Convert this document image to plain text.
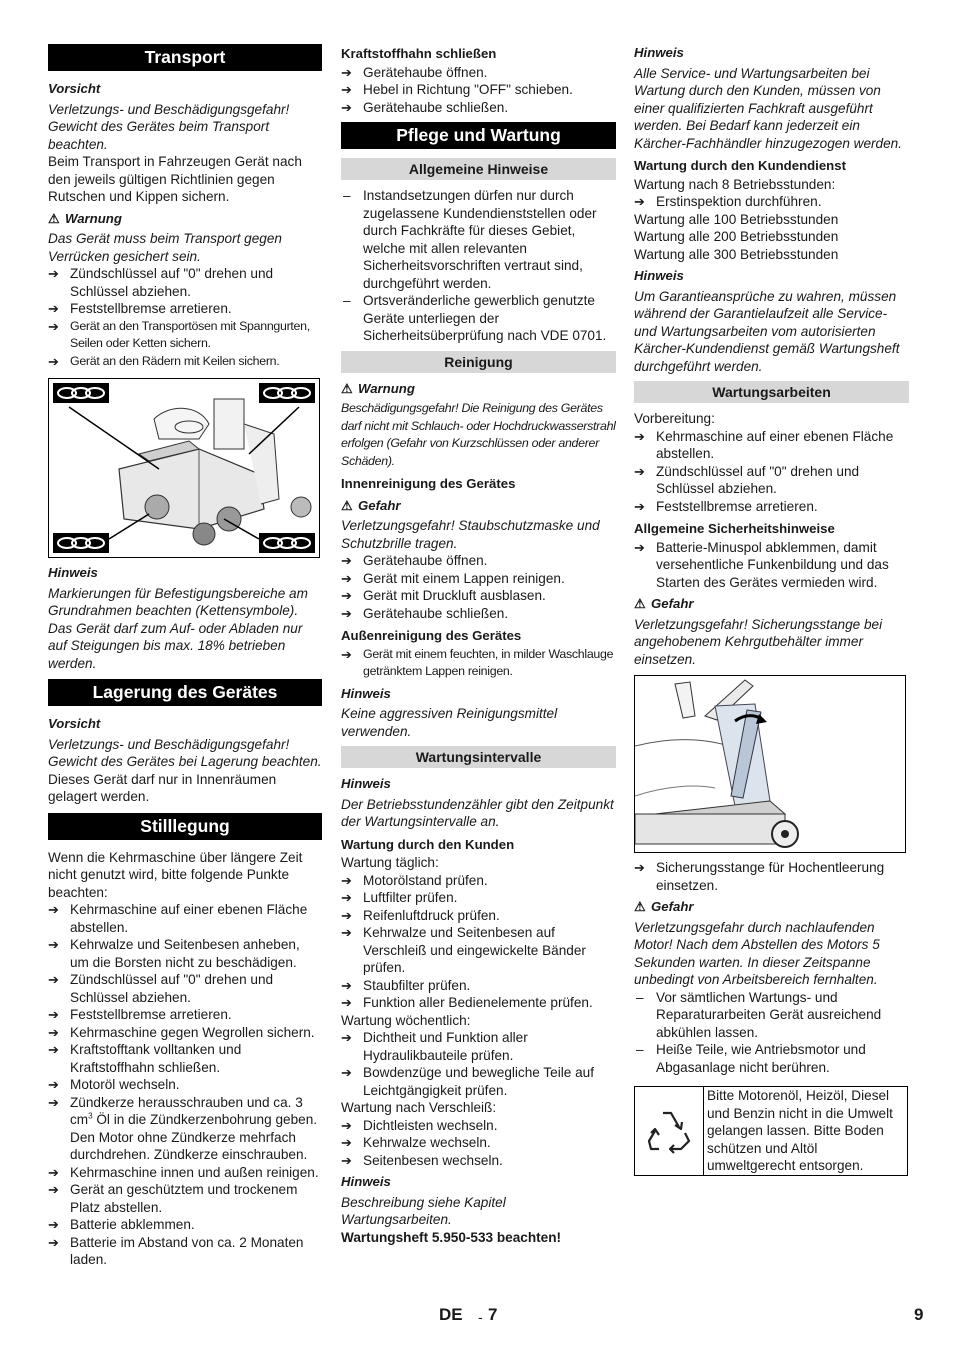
Transport

Vorsicht

Verletzungs- und Beschädigungsgefahr! Gewicht des Gerätes beim Transport beachten.

Beim Transport in Fahrzeugen Gerät nach den jeweils gültigen Richtlinien gegen Rutschen und Kippen sichern.

⚠ Warnung

Das Gerät muss beim Transport gegen Verrücken gesichert sein.

➔ Zündschlüssel auf "0" drehen und Schlüssel abziehen.
➔ Feststellbremse arretieren.
➔ Gerät an den Transportösen mit Spanngurten, Seilen oder Ketten sichern.
➔ Gerät an den Rädern mit Keilen sichern.

Hinweis

Markierungen für Befestigungsbereiche am Grundrahmen beachten (Kettensymbole). Das Gerät darf zum Auf- oder Abladen nur auf Steigungen bis max. 18% betrieben werden.

Lagerung des Gerätes

Vorsicht

Verletzungs- und Beschädigungsgefahr! Gewicht des Gerätes bei Lagerung beachten.

Dieses Gerät darf nur in Innenräumen gelagert werden.

Stilllegung

Wenn die Kehrmaschine über längere Zeit nicht genutzt wird, bitte folgende Punkte beachten:

➔ Kehrmaschine auf einer ebenen Fläche abstellen.
➔ Kehrwalze und Seitenbesen anheben, um die Borsten nicht zu beschädigen.
➔ Zündschlüssel auf "0" drehen und Schlüssel abziehen.
➔ Feststellbremse arretieren.
➔ Kehrmaschine gegen Wegrollen sichern.
➔ Kraftstofftank volltanken und Kraftstoffhahn schließen.
➔ Motoröl wechseln.
➔ Zündkerze herausschrauben und ca. 3 $cm^3$ Öl in die Zündkerzenbohrung geben. Den Motor ohne Zündkerze mehrfach durchdrehen. Zündkerze einschrauben.
➔ Kehrmaschine innen und außen reinigen.
➔ Gerät an geschütztem und trockenem Platz abstellen.
➔ Batterie abklemmen.
➔ Batterie im Abstand von ca. 2 Monaten laden.

Kraftstoffhahn schließen

➔ Gerätehaube öffnen.
➔ Hebel in Richtung "OFF" schieben.
➔ Gerätehaube schließen.
Pflege und Wartung
Allgemeine Hinweise
– Instandsetzungen dürfen nur durch zugelassene Kundendienststellen oder durch Fachkräfte für dieses Gebiet, welche mit allen relevanten Sicherheitsvorschriften vertraut sind, durchgeführt werden.
– Ortsveränderliche gewerblich genutzte Geräte unterliegen der Sicherheitsüberprüfung nach VDE 0701.
Reinigung

⚠ Warnung

Beschädigungsgefahr! Die Reinigung des Gerätes darf nicht mit Schlauch- oder Hochdruckwasserstrahl erfolgen (Gefahr von Kurzschlüssen oder anderer Schäden).

Innenreinigung des Gerätes

⚠ Gefahr

Verletzungsgefahr! Staubschutzmaske und Schutzbrille tragen.

➔ Gerätehaube öffnen.
➔ Gerät mit einem Lappen reinigen.
➔ Gerät mit Druckluft ausblasen.
➔ Gerätehaube schließen.

Außenreinigung des Gerätes

➔ Gerät mit einem feuchten, in milder Waschlauge getränktem Lappen reinigen.

Hinweis

Keine aggressiven Reinigungsmittel verwenden.

Wartungsintervalle

Hinweis

Der Betriebsstundenzähler gibt den Zeitpunkt der Wartungsintervalle an.

Wartung durch den Kunden

Wartung täglich:

➔ Motorölstand prüfen.
➔ Luftfilter prüfen.
➔ Reifenluftdruck prüfen.
➔ Kehrwalze und Seitenbesen auf Verschleiß und eingewickelte Bänder prüfen.
➔ Staubfilter prüfen.
➔ Funktion aller Bedienelemente prüfen.

Wartung wöchentlich:

➔ Dichtheit und Funktion aller Hydraulikbauteile prüfen.
➔ Bowdenzüge und bewegliche Teile auf Leichtgängigkeit prüfen.

Wartung nach Verschleiß:

➔ Dichtleisten wechseln.
➔ Kehrwalze wechseln.
➔ Seitenbesen wechseln.

Hinweis

Beschreibung siehe Kapitel Wartungsarbeiten.

Wartungsheft 5.950-533 beachten!

Hinweis

Alle Service- und Wartungsarbeiten bei Wartung durch den Kunden, müssen von einer qualifizierten Fachkraft ausgeführt werden. Bei Bedarf kann jederzeit ein Kärcher-Fachhändler hinzugezogen werden.

Wartung durch den Kundendienst

Wartung nach 8 Betriebsstunden:

➔ Erstinspektion durchführen.

Wartung alle 100 Betriebsstunden

Wartung alle 200 Betriebsstunden

Wartung alle 300 Betriebsstunden

Hinweis

Um Garantieansprüche zu wahren, müssen während der Garantielaufzeit alle Service- und Wartungsarbeiten vom autorisierten Kärcher-Kundendienst gemäß Wartungsheft durchgeführt werden.

Wartungsarbeiten

Vorbereitung:

➔ Kehrmaschine auf einer ebenen Fläche abstellen.
➔ Zündschlüssel auf "0" drehen und Schlüssel abziehen.
➔ Feststellbremse arretieren.

Allgemeine Sicherheitshinweise

➔ Batterie-Minuspol abklemmen, damit versehentliche Funkenbildung und das Starten des Gerätes vermieden wird.

⚠ Gefahr

Verletzungsgefahr! Sicherungsstange bei angehobenem Kehrgutbehälter immer einsetzen.

➔ Sicherungsstange für Hochentleerung einsetzen.

⚠ Gefahr

Verletzungsgefahr durch nachlaufenden Motor! Nach dem Abstellen des Motors 5 Sekunden warten. In dieser Zeitspanne unbedingt von Arbeitsbereich fernhalten.

– Vor sämtlichen Wartungs- und Reparaturarbeiten Gerät ausreichend abkühlen lassen.
– Heiße Teile, wie Antriebsmotor und Abgasanlage nicht berühren.
Bitte Motorenöl, Heizöl, Diesel und Benzin nicht in die Umwelt gelangen lassen. Bitte Boden schützen und Altöl umweltgerecht entsorgen.
DE - 7	9
